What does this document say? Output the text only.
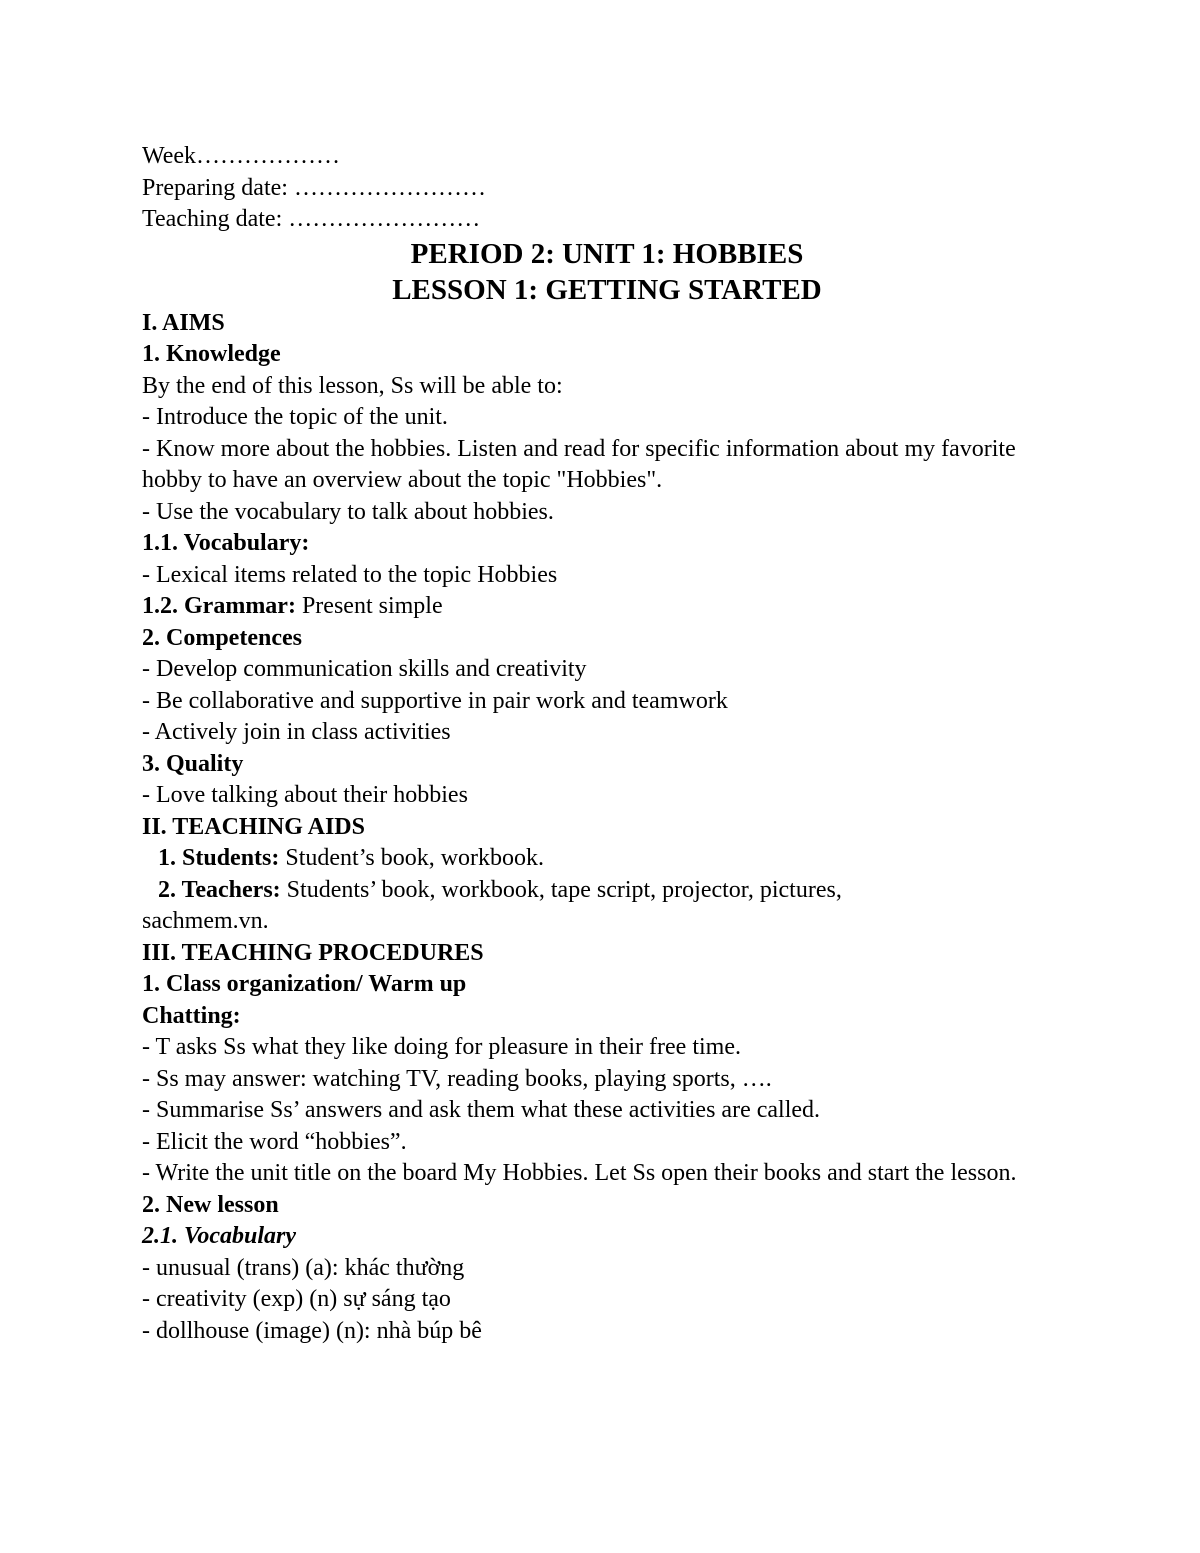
Week………………
Preparing date: ……………………
Teaching date: ……………………
PERIOD 2: UNIT 1: HOBBIES
LESSON 1: GETTING STARTED
I. AIMS
1. Knowledge
By the end of this lesson, Ss will be able to:
- Introduce the topic of the unit.
- Know more about the hobbies. Listen and read for specific information about my favorite hobby to have an overview about the topic "Hobbies".
- Use the vocabulary to talk about hobbies.
1.1. Vocabulary:
- Lexical items related to the topic Hobbies
1.2. Grammar: Present simple
2. Competences
- Develop communication skills and creativity
- Be collaborative and supportive in pair work and teamwork
- Actively join in class activities
3. Quality
- Love talking about their hobbies
II. TEACHING AIDS
1. Students: Student’s book, workbook.
2. Teachers: Students’ book, workbook, tape script, projector, pictures,
sachmem.vn.
III. TEACHING PROCEDURES
1. Class organization/ Warm up
Chatting:
- T asks Ss what they like doing for pleasure in their free time.
- Ss may answer: watching TV, reading books, playing sports, ….
- Summarise Ss’ answers and ask them what these activities are called.
- Elicit the word “hobbies”.
- Write the unit title on the board My Hobbies. Let Ss open their books and start the lesson.
2. New lesson
2.1. Vocabulary
- unusual (trans) (a): khác thường
- creativity (exp) (n) sự sáng tạo
- dollhouse (image) (n): nhà búp bê
